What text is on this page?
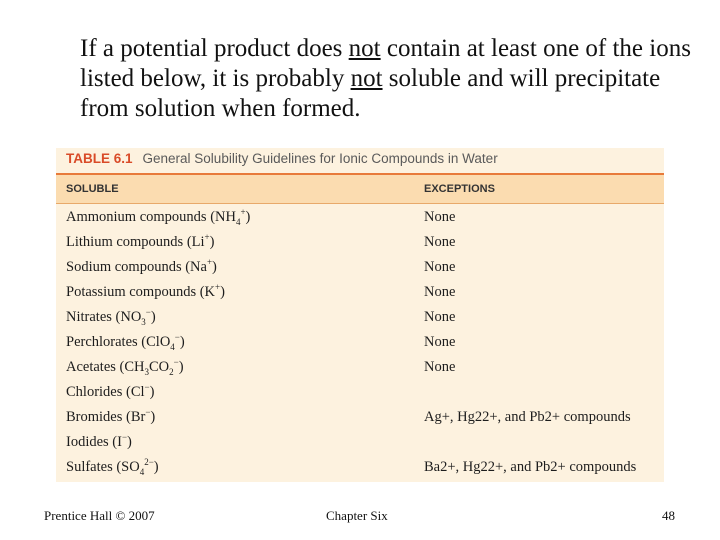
If a potential product does not contain at least one of the ions listed below, it is probably not soluble and will precipitate from solution when formed.
TABLE 6.1 General Solubility Guidelines for Ionic Compounds in Water
SOLUBLE	EXCEPTIONS
Ammonium compounds $(NH_4^+)$	None
Lithium compounds (Li+)	None
Sodium compounds (Na+)	None
Potassium compounds (K+)	None
Nitrates $(NO_3^-)$	None
Perchlorates (ClO$_4$−)	None
Acetates $(CH_3CO_2^-)$	None
Chlorides (Cl−)
Bromides (Br−)	Ag+, Hg22+, and Pb2+ compounds
Iodides (I−)
Sulfates $(SO_4^{2-})$	Ba2+, Hg22+, and Pb2+ compounds
Prentice Hall © 2007	Chapter Six	48
